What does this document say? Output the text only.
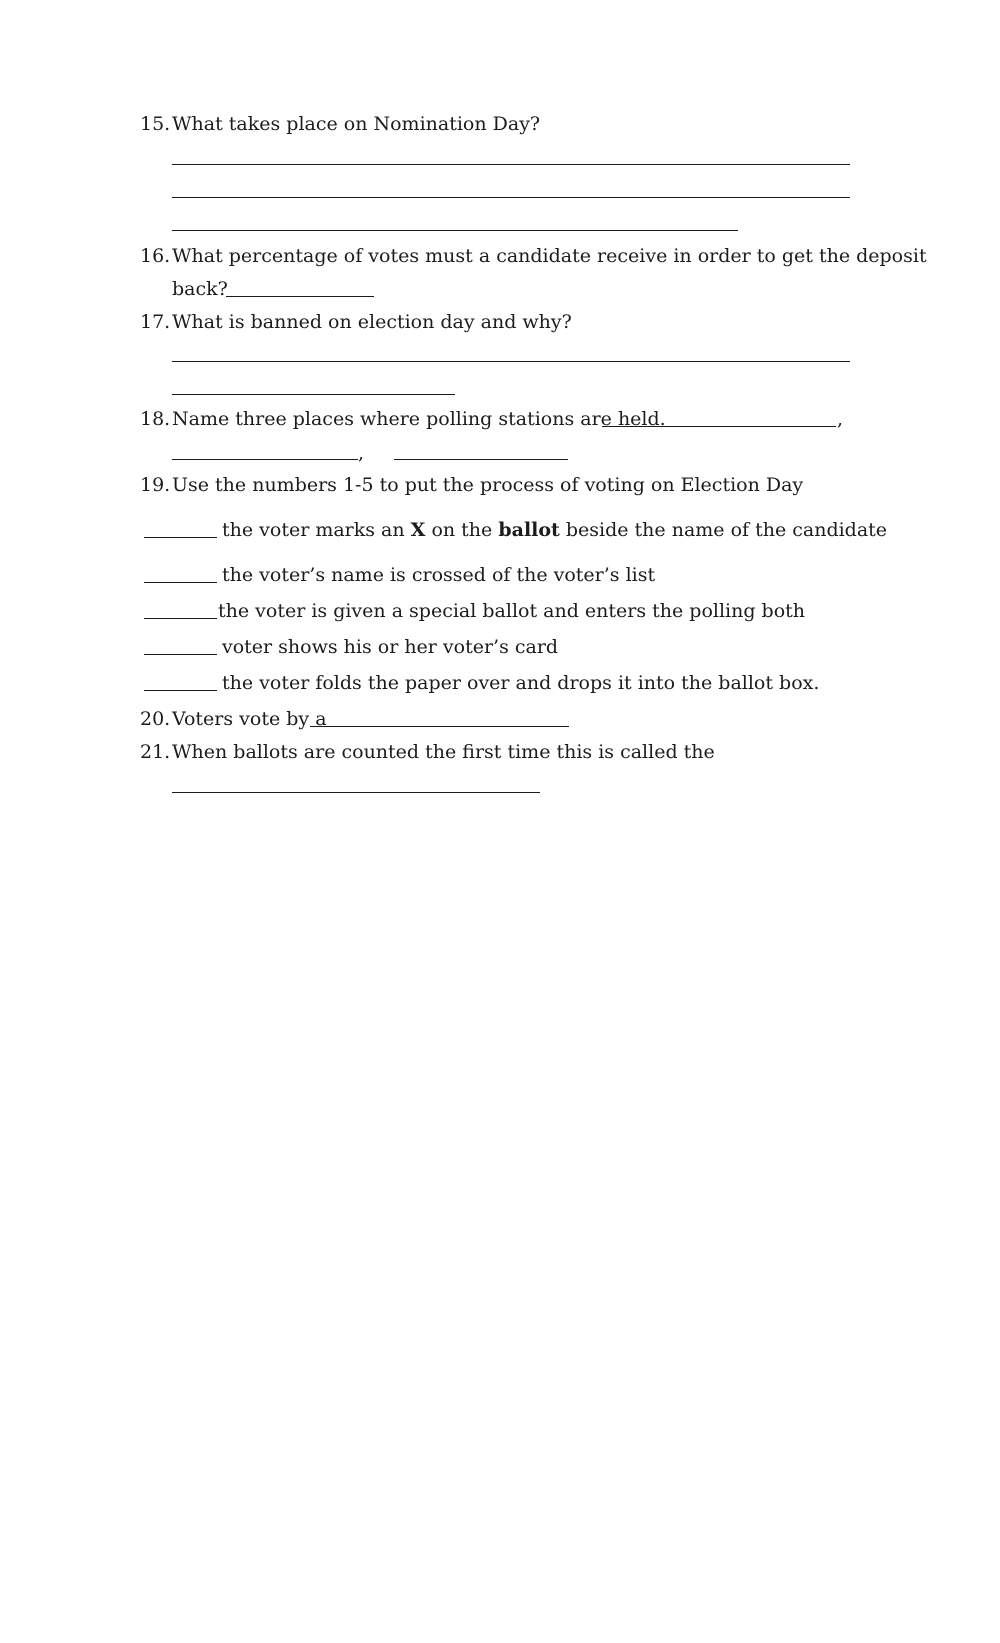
15. What takes place on Nomination Day?
16. What percentage of votes must a candidate receive in order to get the deposit
back?
17. What is banned on election day and why?
18. Name three places where polling stations are held.	,
,
19. Use the numbers 1-5 to put the process of voting on Election Day
the voter marks an X on the ballot beside the name of the candidate
the voter’s name is crossed of the voter’s list
the voter is given a special ballot and enters the polling both
voter shows his or her voter’s card
the voter folds the paper over and drops it into the ballot box.
20. Voters vote by a
21. When ballots are counted the first time this is called the
